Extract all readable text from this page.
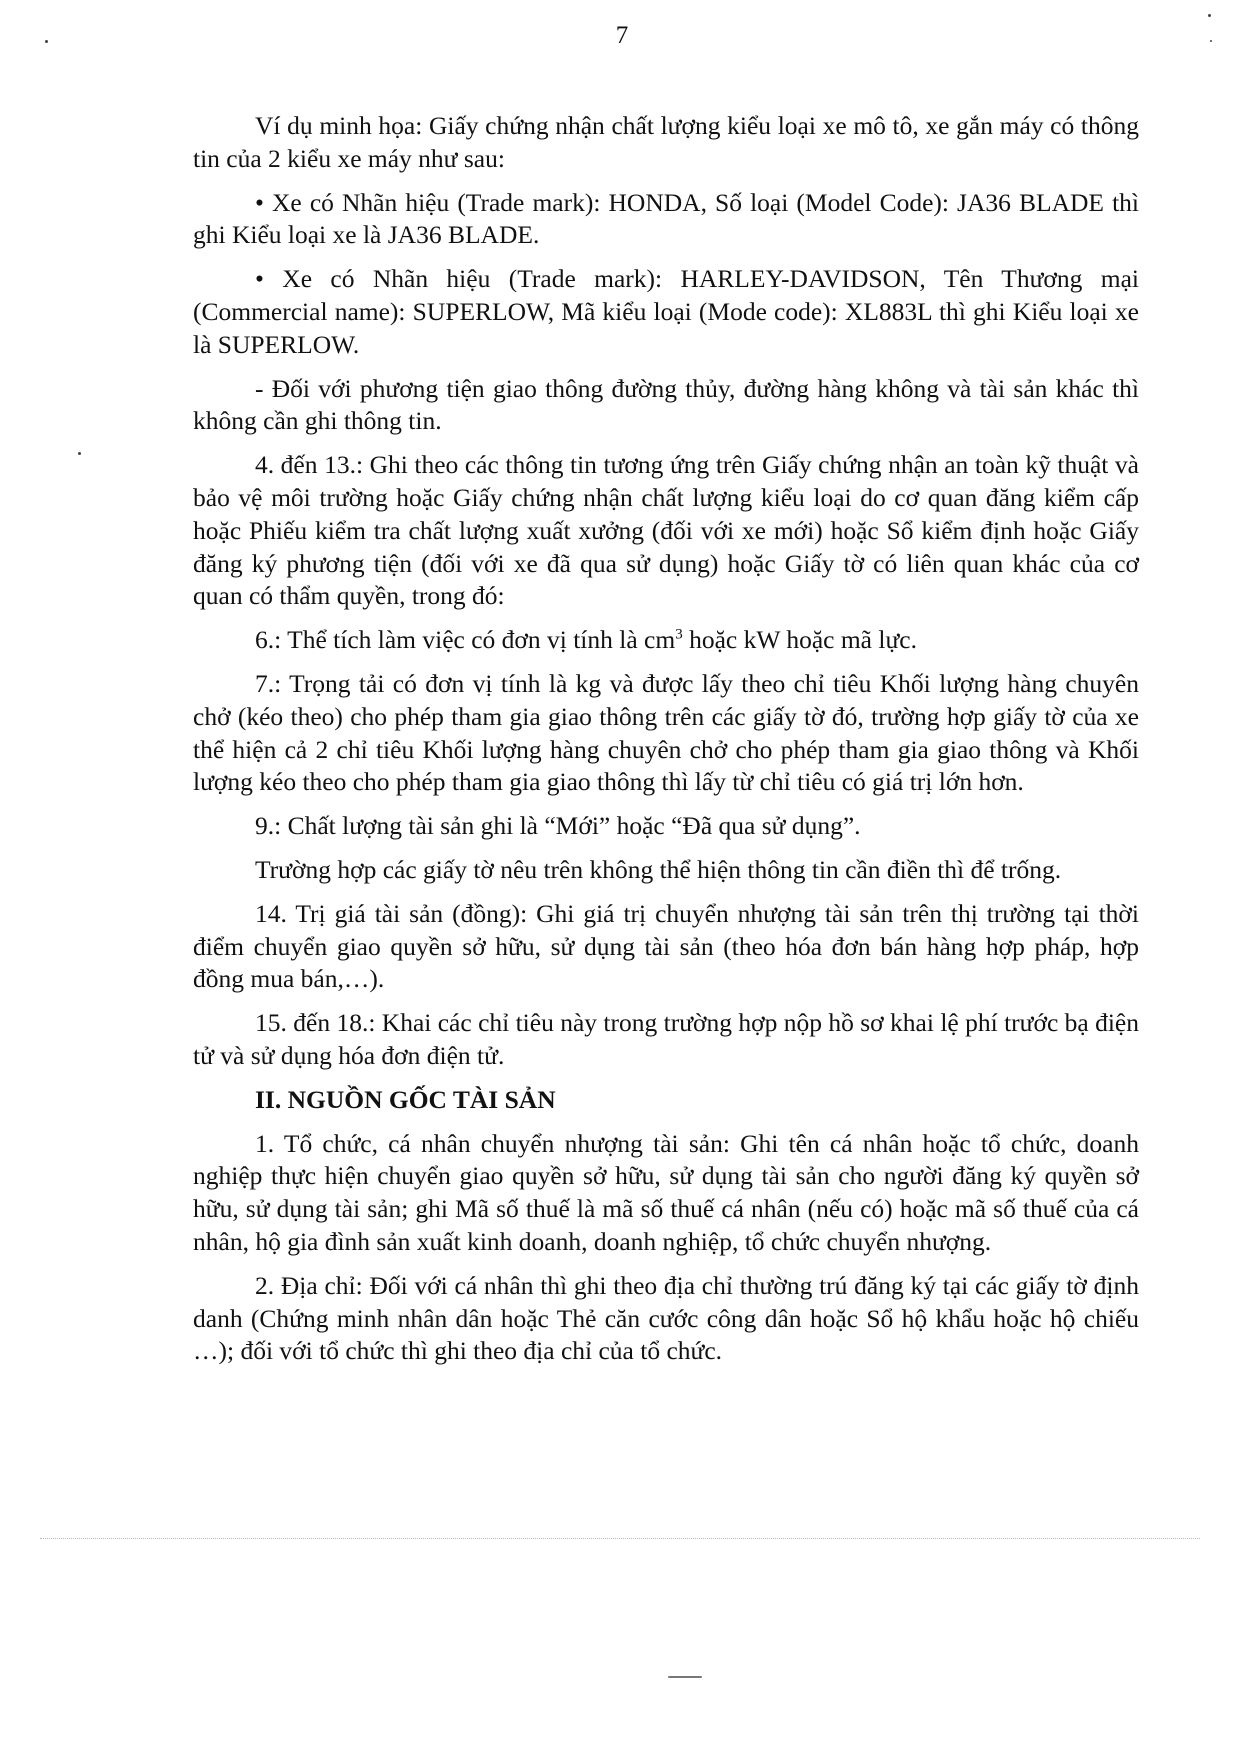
7

Ví dụ minh họa: Giấy chứng nhận chất lượng kiểu loại xe mô tô, xe gắn máy có thông tin của 2 kiểu xe máy như sau:

• Xe có Nhãn hiệu (Trade mark): HONDA, Số loại (Model Code): JA36 BLADE thì ghi Kiểu loại xe là JA36 BLADE.

• Xe có Nhãn hiệu (Trade mark): HARLEY-DAVIDSON, Tên Thương mại (Commercial name): SUPERLOW, Mã kiểu loại (Mode code): XL883L thì ghi Kiểu loại xe là SUPERLOW.

- Đối với phương tiện giao thông đường thủy, đường hàng không và tài sản khác thì không cần ghi thông tin.

4. đến 13.: Ghi theo các thông tin tương ứng trên Giấy chứng nhận an toàn kỹ thuật và bảo vệ môi trường hoặc Giấy chứng nhận chất lượng kiểu loại do cơ quan đăng kiểm cấp hoặc Phiếu kiểm tra chất lượng xuất xưởng (đối với xe mới) hoặc Sổ kiểm định hoặc Giấy đăng ký phương tiện (đối với xe đã qua sử dụng) hoặc Giấy tờ có liên quan khác của cơ quan có thẩm quyền, trong đó:

6.: Thể tích làm việc có đơn vị tính là $cm^3$ hoặc kW hoặc mã lực.

7.: Trọng tải có đơn vị tính là kg và được lấy theo chỉ tiêu Khối lượng hàng chuyên chở (kéo theo) cho phép tham gia giao thông trên các giấy tờ đó, trường hợp giấy tờ của xe thể hiện cả 2 chỉ tiêu Khối lượng hàng chuyên chở cho phép tham gia giao thông và Khối lượng kéo theo cho phép tham gia giao thông thì lấy từ chỉ tiêu có giá trị lớn hơn.

9.: Chất lượng tài sản ghi là “Mới” hoặc “Đã qua sử dụng”.

Trường hợp các giấy tờ nêu trên không thể hiện thông tin cần điền thì để trống.

14. Trị giá tài sản (đồng): Ghi giá trị chuyển nhượng tài sản trên thị trường tại thời điểm chuyển giao quyền sở hữu, sử dụng tài sản (theo hóa đơn bán hàng hợp pháp, hợp đồng mua bán,…).

15. đến 18.: Khai các chỉ tiêu này trong trường hợp nộp hồ sơ khai lệ phí trước bạ điện tử và sử dụng hóa đơn điện tử.

II. NGUỒN GỐC TÀI SẢN

1. Tổ chức, cá nhân chuyển nhượng tài sản: Ghi tên cá nhân hoặc tổ chức, doanh nghiệp thực hiện chuyển giao quyền sở hữu, sử dụng tài sản cho người đăng ký quyền sở hữu, sử dụng tài sản; ghi Mã số thuế là mã số thuế cá nhân (nếu có) hoặc mã số thuế của cá nhân, hộ gia đình sản xuất kinh doanh, doanh nghiệp, tổ chức chuyển nhượng.

2. Địa chỉ: Đối với cá nhân thì ghi theo địa chỉ thường trú đăng ký tại các giấy tờ định danh (Chứng minh nhân dân hoặc Thẻ căn cước công dân hoặc Sổ hộ khẩu hoặc hộ chiếu …); đối với tổ chức thì ghi theo địa chỉ của tổ chức.
